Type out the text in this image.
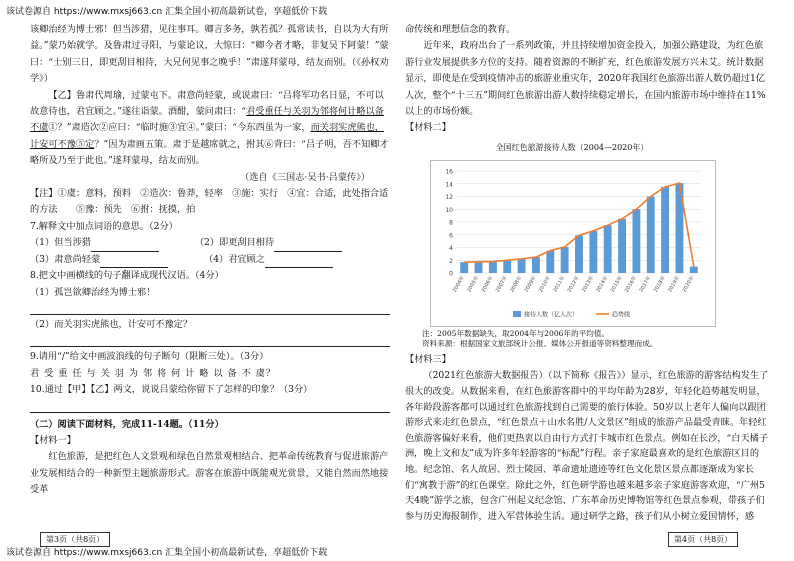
该试卷源自 https://www.mxsj663.cn 汇集全国小初高最新试卷，享超低价下载

该卿治经为博士邪！但当涉猎，见往事耳。卿言多务，孰若孤？孤常读书，自以为大有所益。”蒙乃始就学。及鲁肃过寻阳，与蒙论议，大惊曰：“卿今者才略，非复吴下阿蒙！”蒙曰：“士别三日，即更刮目相待，大兄何见事之晚乎！”肃遂拜蒙母，结友而别。（《孙权劝学》）

【乙】鲁肃代周瑜，过蒙屯下。肃意尚轻蒙，或说肃曰：“吕将军功名日显，不可以故意待也，君宜顾之。”遂往诣蒙。酒酣，蒙问肃曰：“君受重任与关羽为邻将何计略以备不虞①？”肃造次②应曰：“临时施③宜④。”蒙曰：“今东西虽为一家，而关羽实虎熊也，计安可不豫⑤定？”因为肃画五策。肃于是越席就之，拊其⑥背曰：“吕子明，吾不知卿才略所及乃至于此也。”遂拜蒙母，结友而别。

（选自《三国志·吴书·吕蒙传》）

【注】①虞：意料，预料　②造次：鲁莽，轻率　③施：实行　④宜：合适，此处指合适的方法　　⑤豫：预先　⑥拊：抚摸，拍

7.解释文中加点词语的意思。（2分）

（1）但当涉猎	（2）即更刮目相待

（3）肃意尚轻蒙	（4）君宜顾之

8.把文中画横线的句子翻译成现代汉语。（4分）

（1）孤岂欲卿治经为博士邪！

（2）而关羽实虎熊也，计安可不豫定？

9.请用“/”给文中画波浪线的句子断句（限断三处）。（3分）

君 受 重 任 与 关 羽 为 邻 将 何 计 略 以 备 不 虞？

10.通过【甲】【乙】两文，说说吕蒙给你留下了怎样的印象？（3分）

（二）阅读下面材料，完成11-14题。（11分）

【材料一】

红色旅游，是把红色人文景观和绿色自然景观相结合、把革命传统教育与促进旅游产业发展相结合的一种新型主题旅游形式。游客在旅游中既能观光赏景，又能自然而然地接受革

第3页（共8页）

命传统和理想信念的教育。

近年来，政府出台了一系列政策，并且持续增加资金投入，加强公路建设，为红色旅游行业发展提供多方位的支持。随着资源的不断扩充，红色旅游发展方兴未艾。统计数据显示，即使是在受到疫情冲击的旅游业重灾年，2020年我国红色旅游出游人数仍超过1亿人次，整个“十三五”期间红色旅游出游人数持续稳定增长，在国内旅游市场中维持在11%以上的市场份额。

【材料二】

全国红色旅游接待人数（2004—2020年）
0
2
4
6
8
10
12
14
16
2004年 2005年 2006年 2007年 2008年 2009年 2010年 2011年 2012年 2013年 2014年 2015年 2016年 2017年 2018年 2019年 2020年
接待人数（亿人次）	趋势线

注：2005年数据缺失，取2004年与2006年的平均值。

资料来源：根据国家文旅部统计公报、媒体公开报道等资料整理而成。

【材料三】

（2021红色旅游大数据报告）（以下简称《报告》）显示，红色旅游的游客结构发生了很大的改变。从数据来看，在红色旅游客群中的平均年龄为28岁，年轻化趋势越发明显，各年龄段游客都可以通过红色旅游找到自己需要的旅行体验。50岁以上老年人偏向以跟团游形式来走红色景点，“红色景点＋山水名胜/人文景区”组成的旅游产品最受青睐。年轻红色旅游客偏好来看，他们更热衷以自由行方式打卡城市红色景点。例如在长沙，“白天橘子洲，晚上文和友”成为许多年轻游客的“标配”行程。亲子家庭最喜欢的是红色旅游区目的地。纪念馆、名人故居、烈士陵园、革命遗址遗迹等红色文化景区景点都逐渐成为家长们“寓教于游”的红色课堂。除此之外，红色研学游也越来越多亲子家庭游客欢迎，“广州5天4晚”游学之旅，包含广州起义纪念馆、广东革命历史博物馆等红色景点参观，带孩子们参与历史海报制作，进入军营体验生活。通过研学之路，孩子们从小树立爱国情怀，感

第4页（共8页）
该试卷源自 https://www.mxsj663.cn 汇集全国小初高最新试卷，享超低价下载
